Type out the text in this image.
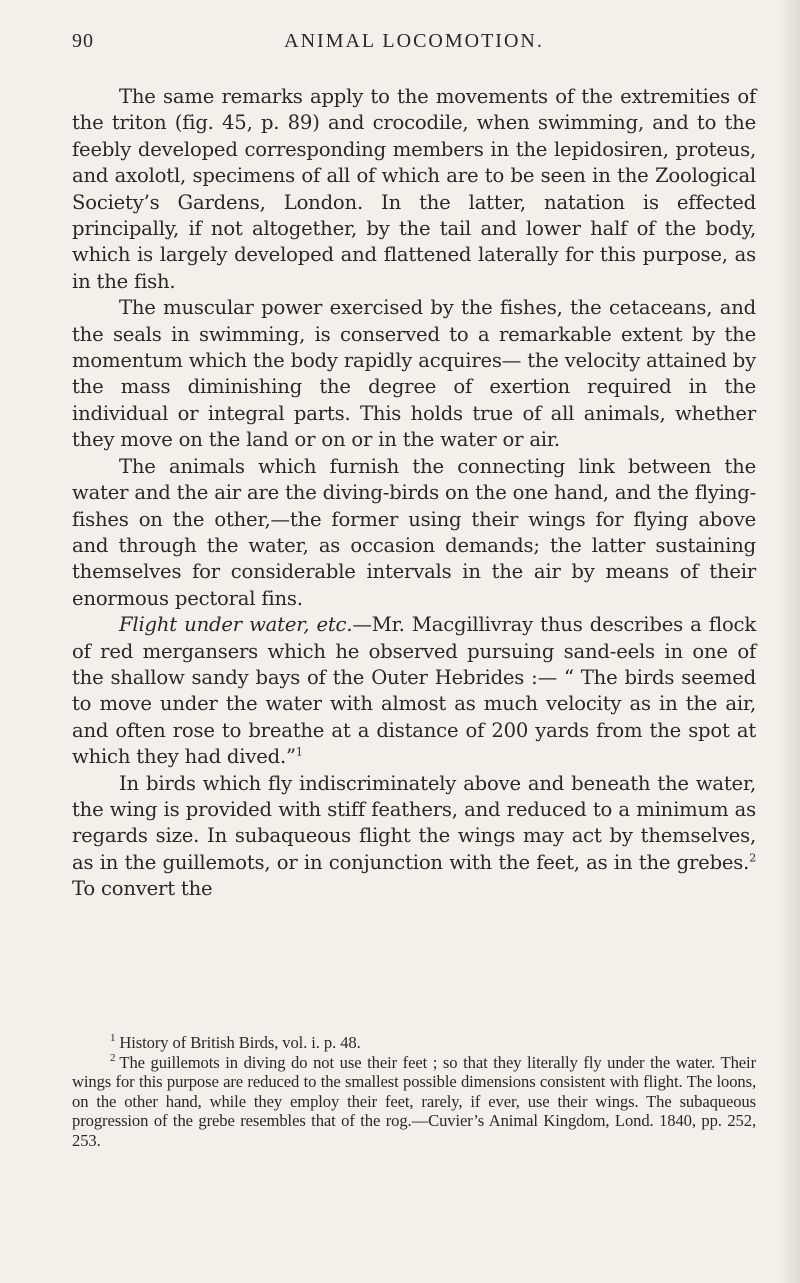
90	ANIMAL LOCOMOTION.

The same remarks apply to the movements of the extremities of the triton (fig. 45, p. 89) and crocodile, when swimming, and to the feebly developed corresponding members in the lepidosiren, proteus, and axolotl, specimens of all of which are to be seen in the Zoological Society’s Gardens, London. In the latter, natation is effected principally, if not altogether, by the tail and lower half of the body, which is largely developed and flattened laterally for this purpose, as in the fish.

The muscular power exercised by the fishes, the cetaceans, and the seals in swimming, is conserved to a remarkable extent by the momentum which the body rapidly acquires— the velocity attained by the mass diminishing the degree of exertion required in the individual or integral parts. This holds true of all animals, whether they move on the land or on or in the water or air.

The animals which furnish the connecting link between the water and the air are the diving-birds on the one hand, and the flying-fishes on the other,—the former using their wings for flying above and through the water, as occasion demands; the latter sustaining themselves for considerable intervals in the air by means of their enormous pectoral fins.

Flight under water, etc.—Mr. Macgillivray thus describes a flock of red mergansers which he observed pursuing sand-eels in one of the shallow sandy bays of the Outer Hebrides :— “ The birds seemed to move under the water with almost as much velocity as in the air, and often rose to breathe at a distance of 200 yards from the spot at which they had dived.”$^1$

In birds which fly indiscriminately above and beneath the water, the wing is provided with stiff feathers, and reduced to a minimum as regards size. In subaqueous flight the wings may act by themselves, as in the guillemots, or in conjunction with the feet, as in the grebes.$^2$ To convert the

$^1$ History of British Birds, vol. i. p. 48.

$^2$ The guillemots in diving do not use their feet ; so that they literally fly under the water. Their wings for this purpose are reduced to the smallest possible dimensions consistent with flight. The loons, on the other hand, while they employ their feet, rarely, if ever, use their wings. The subaqueous progression of the grebe resembles that of the rog.—Cuvier’s Animal Kingdom, Lond. 1840, pp. 252, 253.
